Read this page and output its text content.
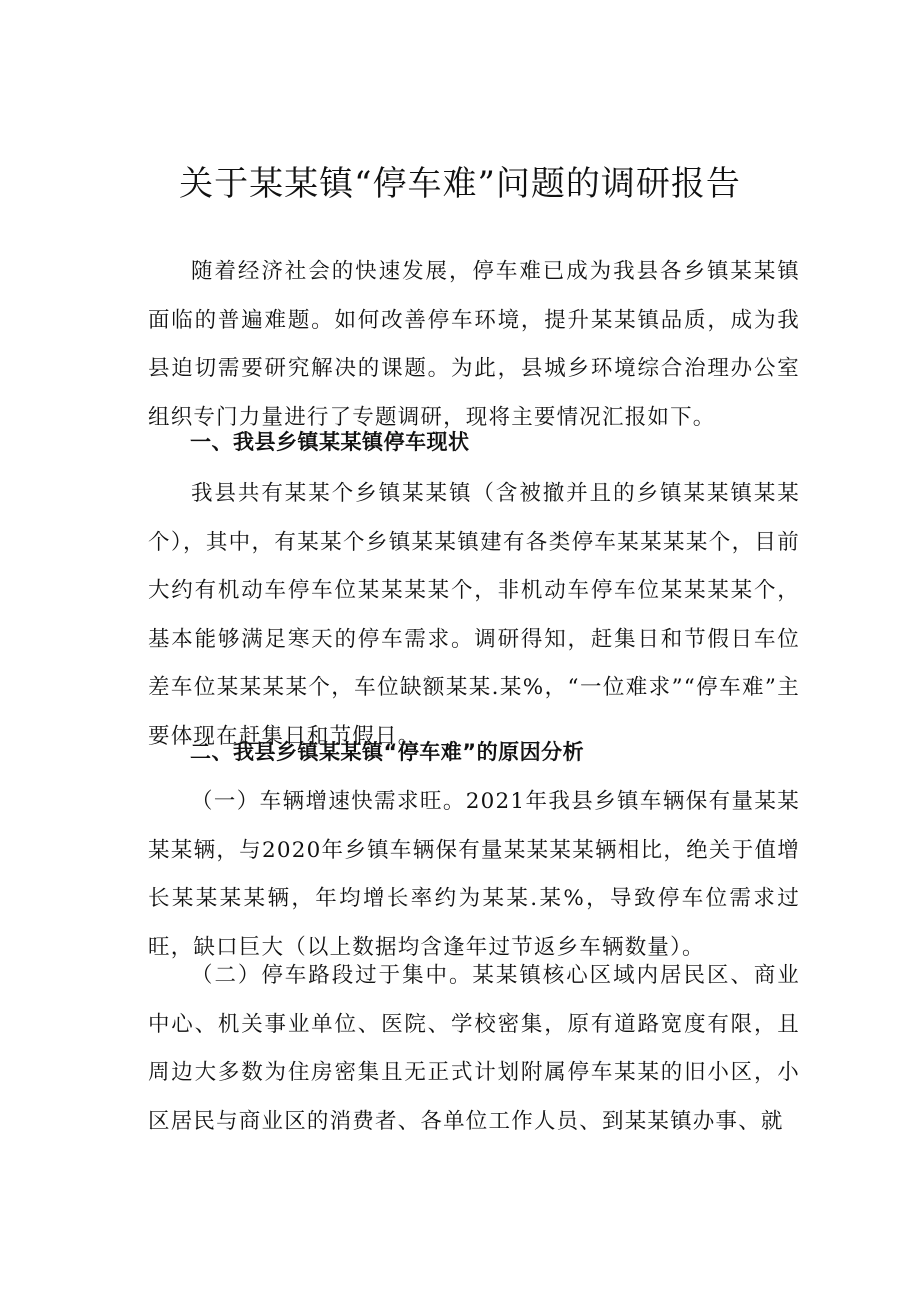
关于某某镇“停车难”问题的调研报告

随着经济社会的快速发展，停车难已成为我县各乡镇某某镇面临的普遍难题。如何改善停车环境，提升某某镇品质，成为我县迫切需要研究解决的课题。为此，县城乡环境综合治理办公室组织专门力量进行了专题调研，现将主要情况汇报如下。

一、我县乡镇某某镇停车现状

我县共有某某个乡镇某某镇（含被撤并且的乡镇某某镇某某个），其中，有某某个乡镇某某镇建有各类停车某某某某个，目前大约有机动车停车位某某某某个，非机动车停车位某某某某个，基本能够满足寒天的停车需求。调研得知，赶集日和节假日车位差车位某某某某个，车位缺额某某.某%，“一位难求”“停车难”主要体现在赶集日和节假日。

二、我县乡镇某某镇“停车难”的原因分析

（一）车辆增速快需求旺。2021年我县乡镇车辆保有量某某某某辆，与2020年乡镇车辆保有量某某某某辆相比，绝关于值增长某某某某辆，年均增长率约为某某.某%，导致停车位需求过旺，缺口巨大（以上数据均含逢年过节返乡车辆数量）。

（二）停车路段过于集中。某某镇核心区域内居民区、商业中心、机关事业单位、医院、学校密集，原有道路宽度有限，且周边大多数为住房密集且无正式计划附属停车某某的旧小区，小区居民与商业区的消费者、各单位工作人员、到某某镇办事、就
